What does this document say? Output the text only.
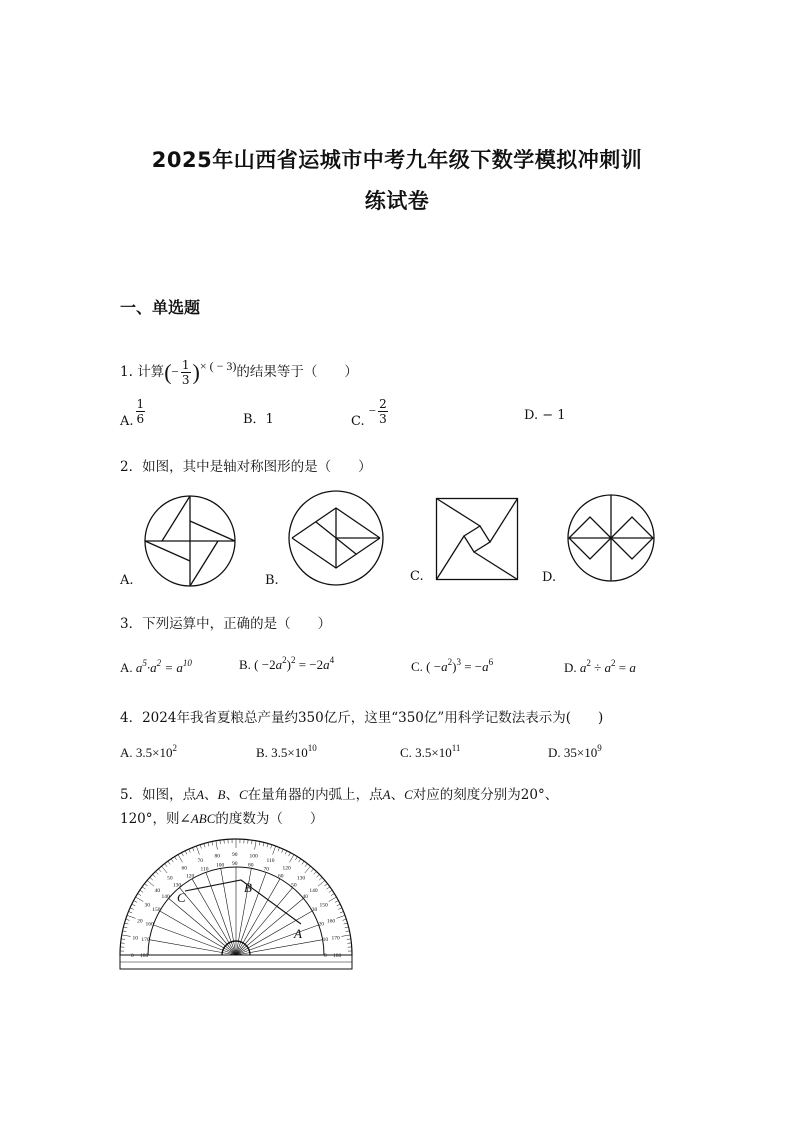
2025年山西省运城市中考九年级下数学模拟冲刺训
练试卷
一、单选题
1. 计算(− $\frac{1}{3}$ )× ( − 3)的结果等于（　　）
A. $\frac{1}{6}$	B．1	C. − $\frac{2}{3}$	D. − 1
2．如图，其中是轴对称图形的是（　　）
A.	B.	C.	D.
3．下列运算中，正确的是（　　）
A. $a^5\cdot a^2 = a^{10}$	B. ( $-2a^2)^2 = -2a^4$	C. ( $-a^2)^3 = -a^6$	D. $a^2 \div a^2 = a$
4．2024年我省夏粮总产量约350亿斤，这里“350亿”用科学记数法表示为(　　)
A. $3.5\times 10^2$	B. $3.5\times 10^{10}$	C. $3.5\times 10^{11}$	D. $35\times 10^9$
5．如图，点A、B、C在量角器的内弧上，点A、C对应的刻度分别为20°、
120°，则∠ABC的度数为（　　）
180
0
170
10
160
20
150
30
140
40
130
50
120
60
110
70
100
80
90
90
80
100
70
110
60
120
50
130
40
140
30
150
20 160
10 170
0 180
C
B
A
